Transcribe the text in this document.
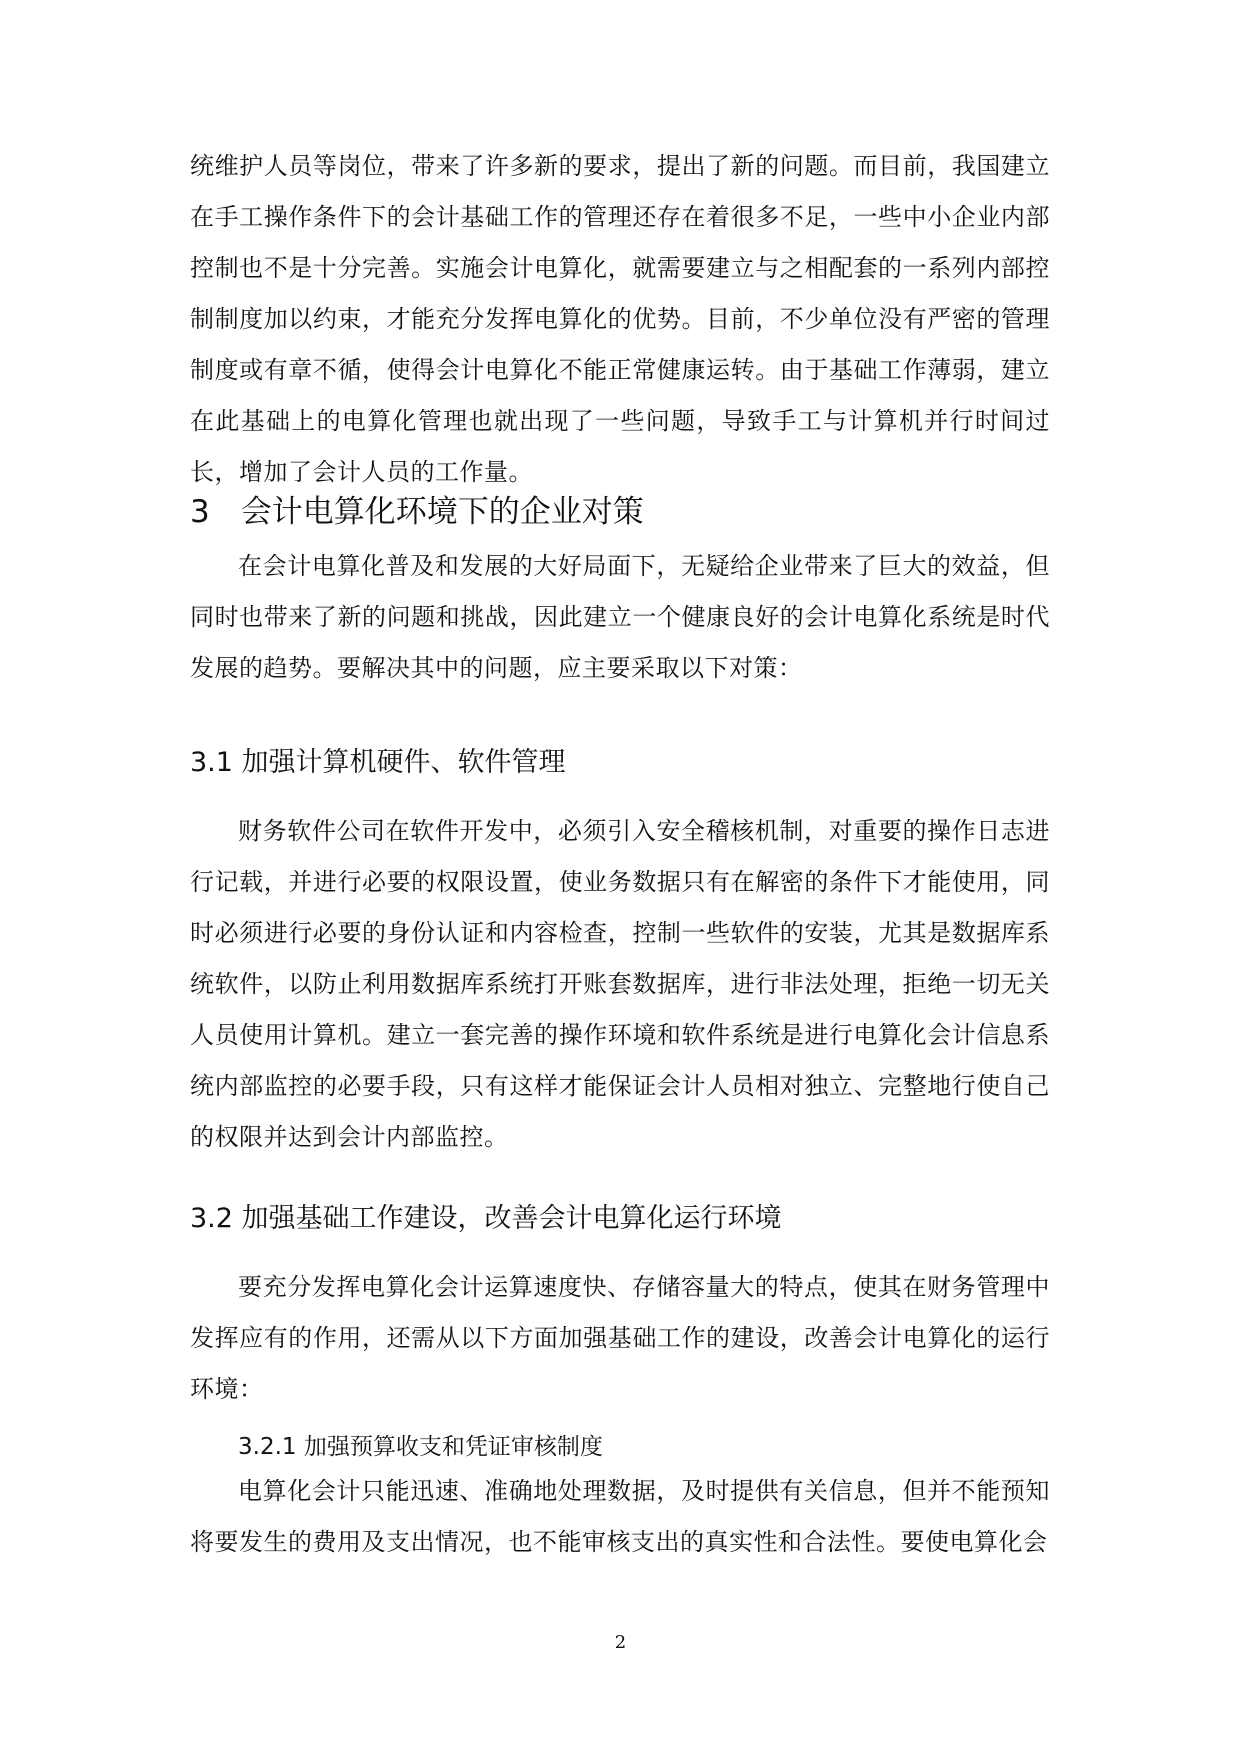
统维护人员等岗位，带来了许多新的要求，提出了新的问题。而目前，我国建立在手工操作条件下的会计基础工作的管理还存在着很多不足，一些中小企业内部控制也不是十分完善。实施会计电算化，就需要建立与之相配套的一系列内部控制制度加以约束，才能充分发挥电算化的优势。目前，不少单位没有严密的管理制度或有章不循，使得会计电算化不能正常健康运转。由于基础工作薄弱，建立在此基础上的电算化管理也就出现了一些问题，导致手工与计算机并行时间过长，增加了会计人员的工作量。

3　会计电算化环境下的企业对策

在会计电算化普及和发展的大好局面下，无疑给企业带来了巨大的效益，但同时也带来了新的问题和挑战，因此建立一个健康良好的会计电算化系统是时代发展的趋势。要解决其中的问题，应主要采取以下对策：

3.1 加强计算机硬件、软件管理

财务软件公司在软件开发中，必须引入安全稽核机制，对重要的操作日志进行记载，并进行必要的权限设置，使业务数据只有在解密的条件下才能使用，同时必须进行必要的身份认证和内容检查，控制一些软件的安装，尤其是数据库系统软件，以防止利用数据库系统打开账套数据库，进行非法处理，拒绝一切无关人员使用计算机。建立一套完善的操作环境和软件系统是进行电算化会计信息系统内部监控的必要手段，只有这样才能保证会计人员相对独立、完整地行使自己的权限并达到会计内部监控。

3.2 加强基础工作建设，改善会计电算化运行环境

要充分发挥电算化会计运算速度快、存储容量大的特点，使其在财务管理中发挥应有的作用，还需从以下方面加强基础工作的建设，改善会计电算化的运行环境：

3.2.1 加强预算收支和凭证审核制度

电算化会计只能迅速、准确地处理数据，及时提供有关信息，但并不能预知将要发生的费用及支出情况，也不能审核支出的真实性和合法性。要使电算化会

2
